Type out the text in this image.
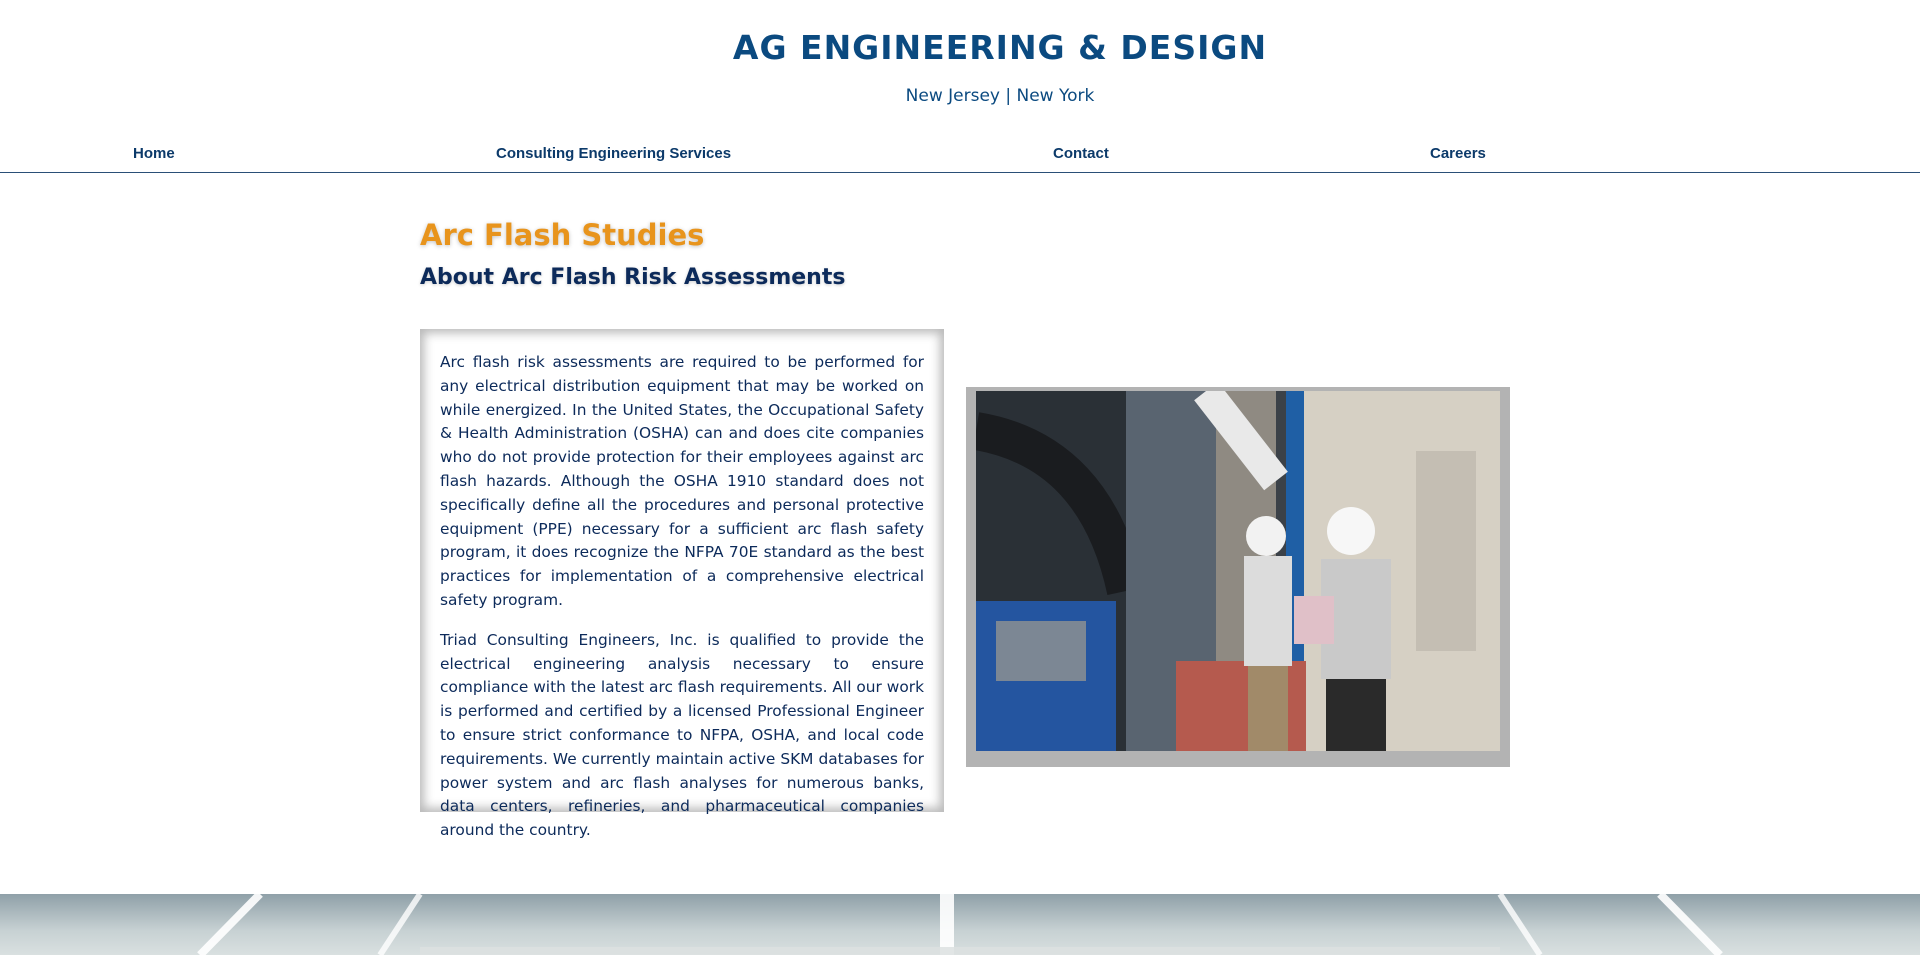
AG ENGINEERING & DESIGN
New Jersey | New York
Home	Consulting Engineering Services	Contact	Careers
Arc Flash Studies
About Arc Flash Risk Assessments

Arc flash risk assessments are required to be performed for any electrical distribution equipment that may be worked on while energized. In the United States, the Occupational Safety & Health Administration (OSHA) can and does cite companies who do not provide protection for their employees against arc flash hazards. Although the OSHA 1910 standard does not specifically define all the procedures and personal protective equipment (PPE) necessary for a sufficient arc flash safety program, it does recognize the NFPA 70E standard as the best practices for implementation of a comprehensive electrical safety program.

Triad Consulting Engineers, Inc. is qualified to provide the electrical engineering analysis necessary to ensure compliance with the latest arc flash requirements. All our work is performed and certified by a licensed Professional Engineer to ensure strict conformance to NFPA, OSHA, and local code requirements. We currently maintain active SKM databases for power system and arc flash analyses for numerous banks, data centers, refineries, and pharmaceutical companies around the country.
